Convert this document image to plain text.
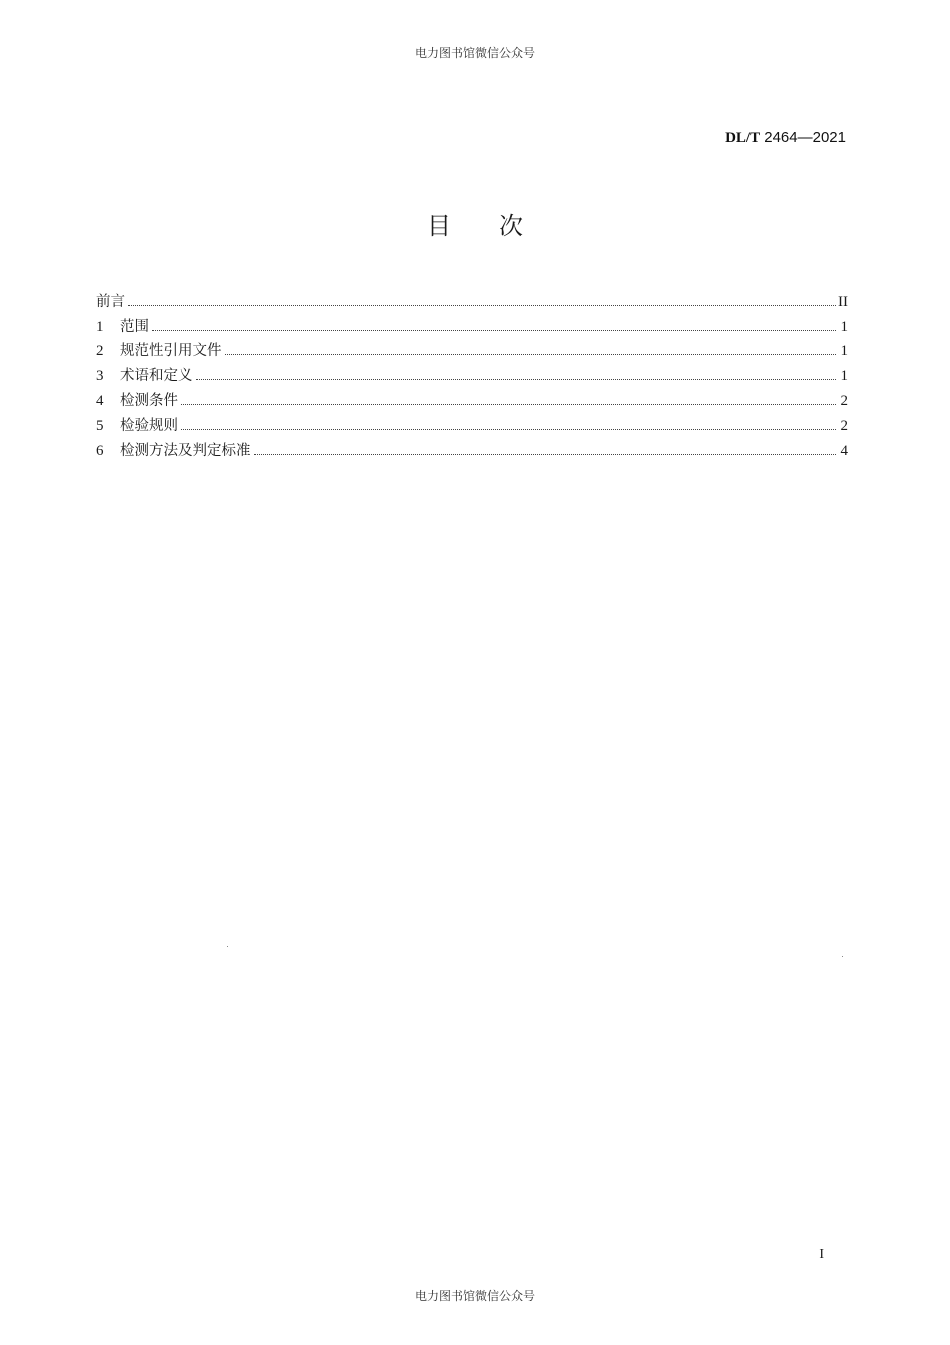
电力图书馆微信公众号
DL/T 2464—2021
目 次
前言	II
1	范围	1
2	规范性引用文件	1
3	术语和定义	1
4	检测条件	2
5	检验规则	2
6	检测方法及判定标准	4
I
电力图书馆微信公众号
